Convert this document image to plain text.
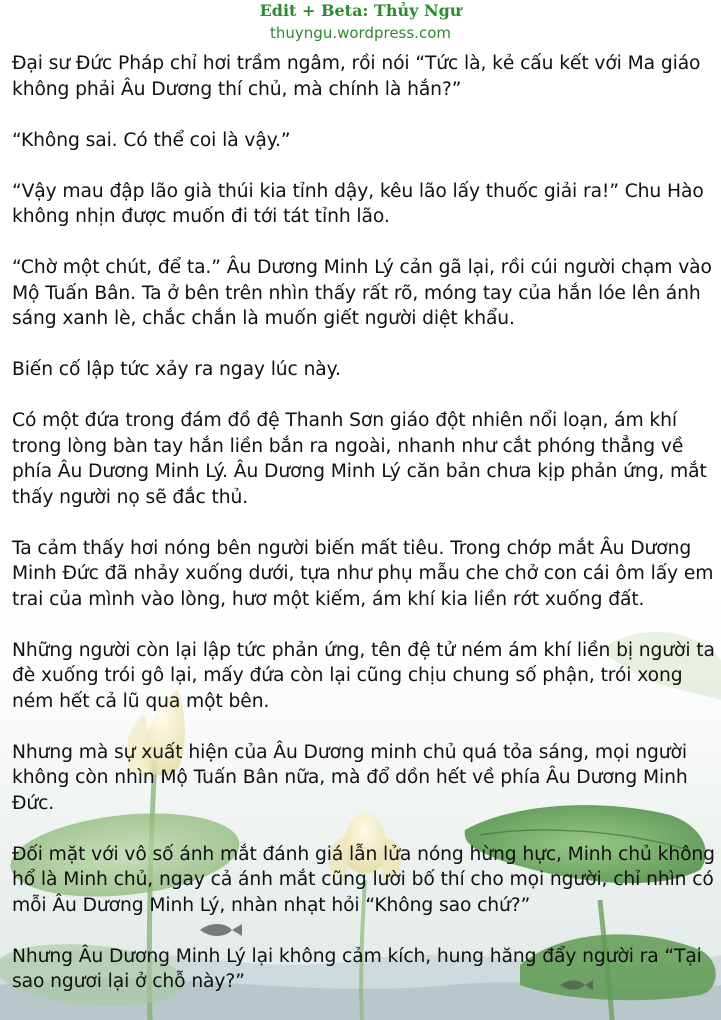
Edit + Beta: Thủy Ngư
thuyngu.wordpress.com

Đại sư Đức Pháp chỉ hơi trầm ngâm, rồi nói “Tức là, kẻ cấu kết với Ma giáo không phải Âu Dương thí chủ, mà chính là hắn?”

“Không sai. Có thể coi là vậy.”

“Vậy mau đập lão già thúi kia tỉnh dậy, kêu lão lấy thuốc giải ra!” Chu Hào không nhịn được muốn đi tới tát tỉnh lão.

“Chờ một chút, để ta.” Âu Dương Minh Lý cản gã lại, rồi cúi người chạm vào Mộ Tuấn Bân. Ta ở bên trên nhìn thấy rất rõ, móng tay của hắn lóe lên ánh sáng xanh lè, chắc chắn là muốn giết người diệt khẩu.

Biến cố lập tức xảy ra ngay lúc này.

Có một đứa trong đám đồ đệ Thanh Sơn giáo đột nhiên nổi loạn, ám khí trong lòng bàn tay hắn liền bắn ra ngoài, nhanh như cắt phóng thẳng về phía Âu Dương Minh Lý. Âu Dương Minh Lý căn bản chưa kịp phản ứng, mắt thấy người nọ sẽ đắc thủ.

Ta cảm thấy hơi nóng bên người biến mất tiêu. Trong chớp mắt Âu Dương Minh Đức đã nhảy xuống dưới, tựa như phụ mẫu che chở con cái ôm lấy em trai của mình vào lòng, hươ một kiếm, ám khí kia liền rớt xuống đất.

Những người còn lại lập tức phản ứng, tên đệ tử ném ám khí liền bị người ta đè xuống trói gô lại, mấy đứa còn lại cũng chịu chung số phận, trói xong ném hết cả lũ qua một bên.

Nhưng mà sự xuất hiện của Âu Dương minh chủ quá tỏa sáng, mọi người không còn nhìn Mộ Tuấn Bân nữa, mà đổ dồn hết về phía Âu Dương Minh Đức.

Đối mặt với vô số ánh mắt đánh giá lẫn lửa nóng hừng hực, Minh chủ không hổ là Minh chủ, ngay cả ánh mắt cũng lười bố thí cho mọi người, chỉ nhìn có mỗi Âu Dương Minh Lý, nhàn nhạt hỏi “Không sao chứ?”

Nhưng Âu Dương Minh Lý lại không cảm kích, hung hăng đẩy người ra “Tại sao ngươi lại ở chỗ này?”
